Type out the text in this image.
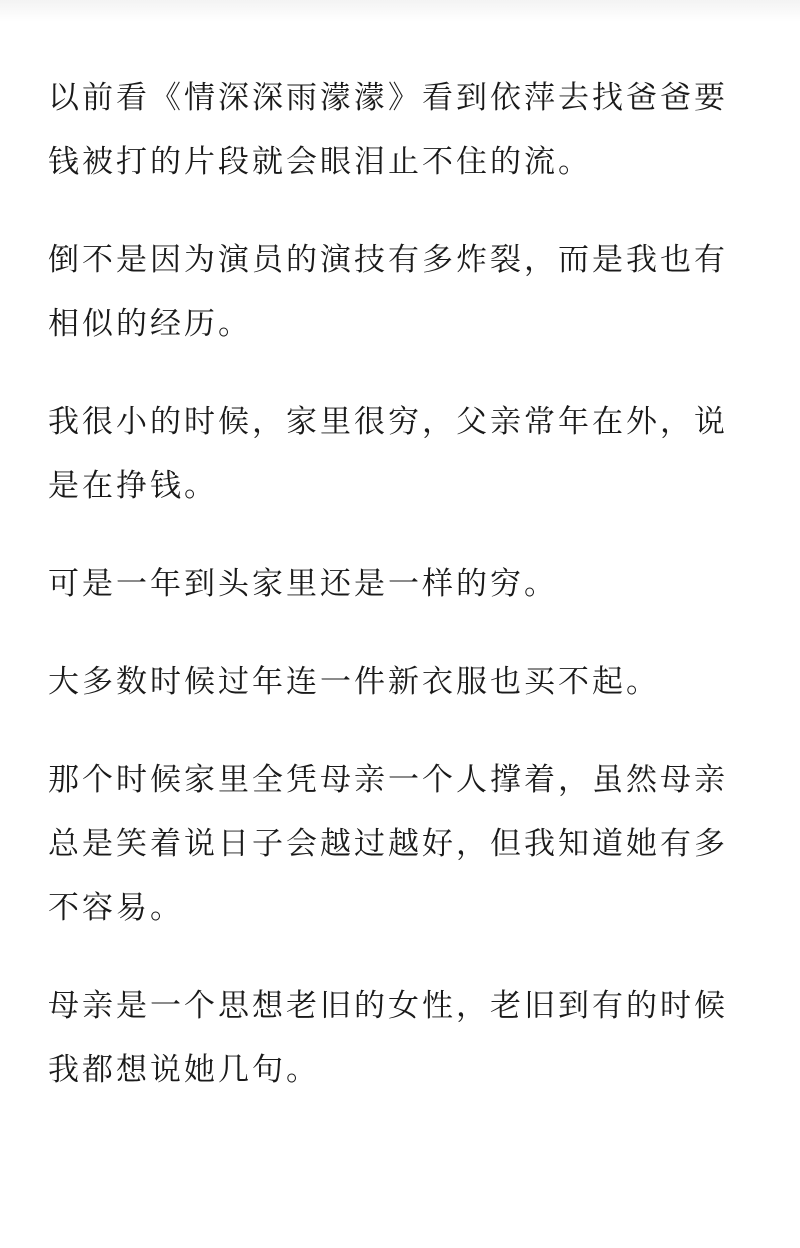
以前看《情深深雨濛濛》看到依萍去找爸爸要钱被打的片段就会眼泪止不住的流。

倒不是因为演员的演技有多炸裂，而是我也有相似的经历。

我很小的时候，家里很穷，父亲常年在外，说是在挣钱。

可是一年到头家里还是一样的穷。

大多数时候过年连一件新衣服也买不起。

那个时候家里全凭母亲一个人撑着，虽然母亲总是笑着说日子会越过越好，但我知道她有多不容易。

母亲是一个思想老旧的女性，老旧到有的时候我都想说她几句。
